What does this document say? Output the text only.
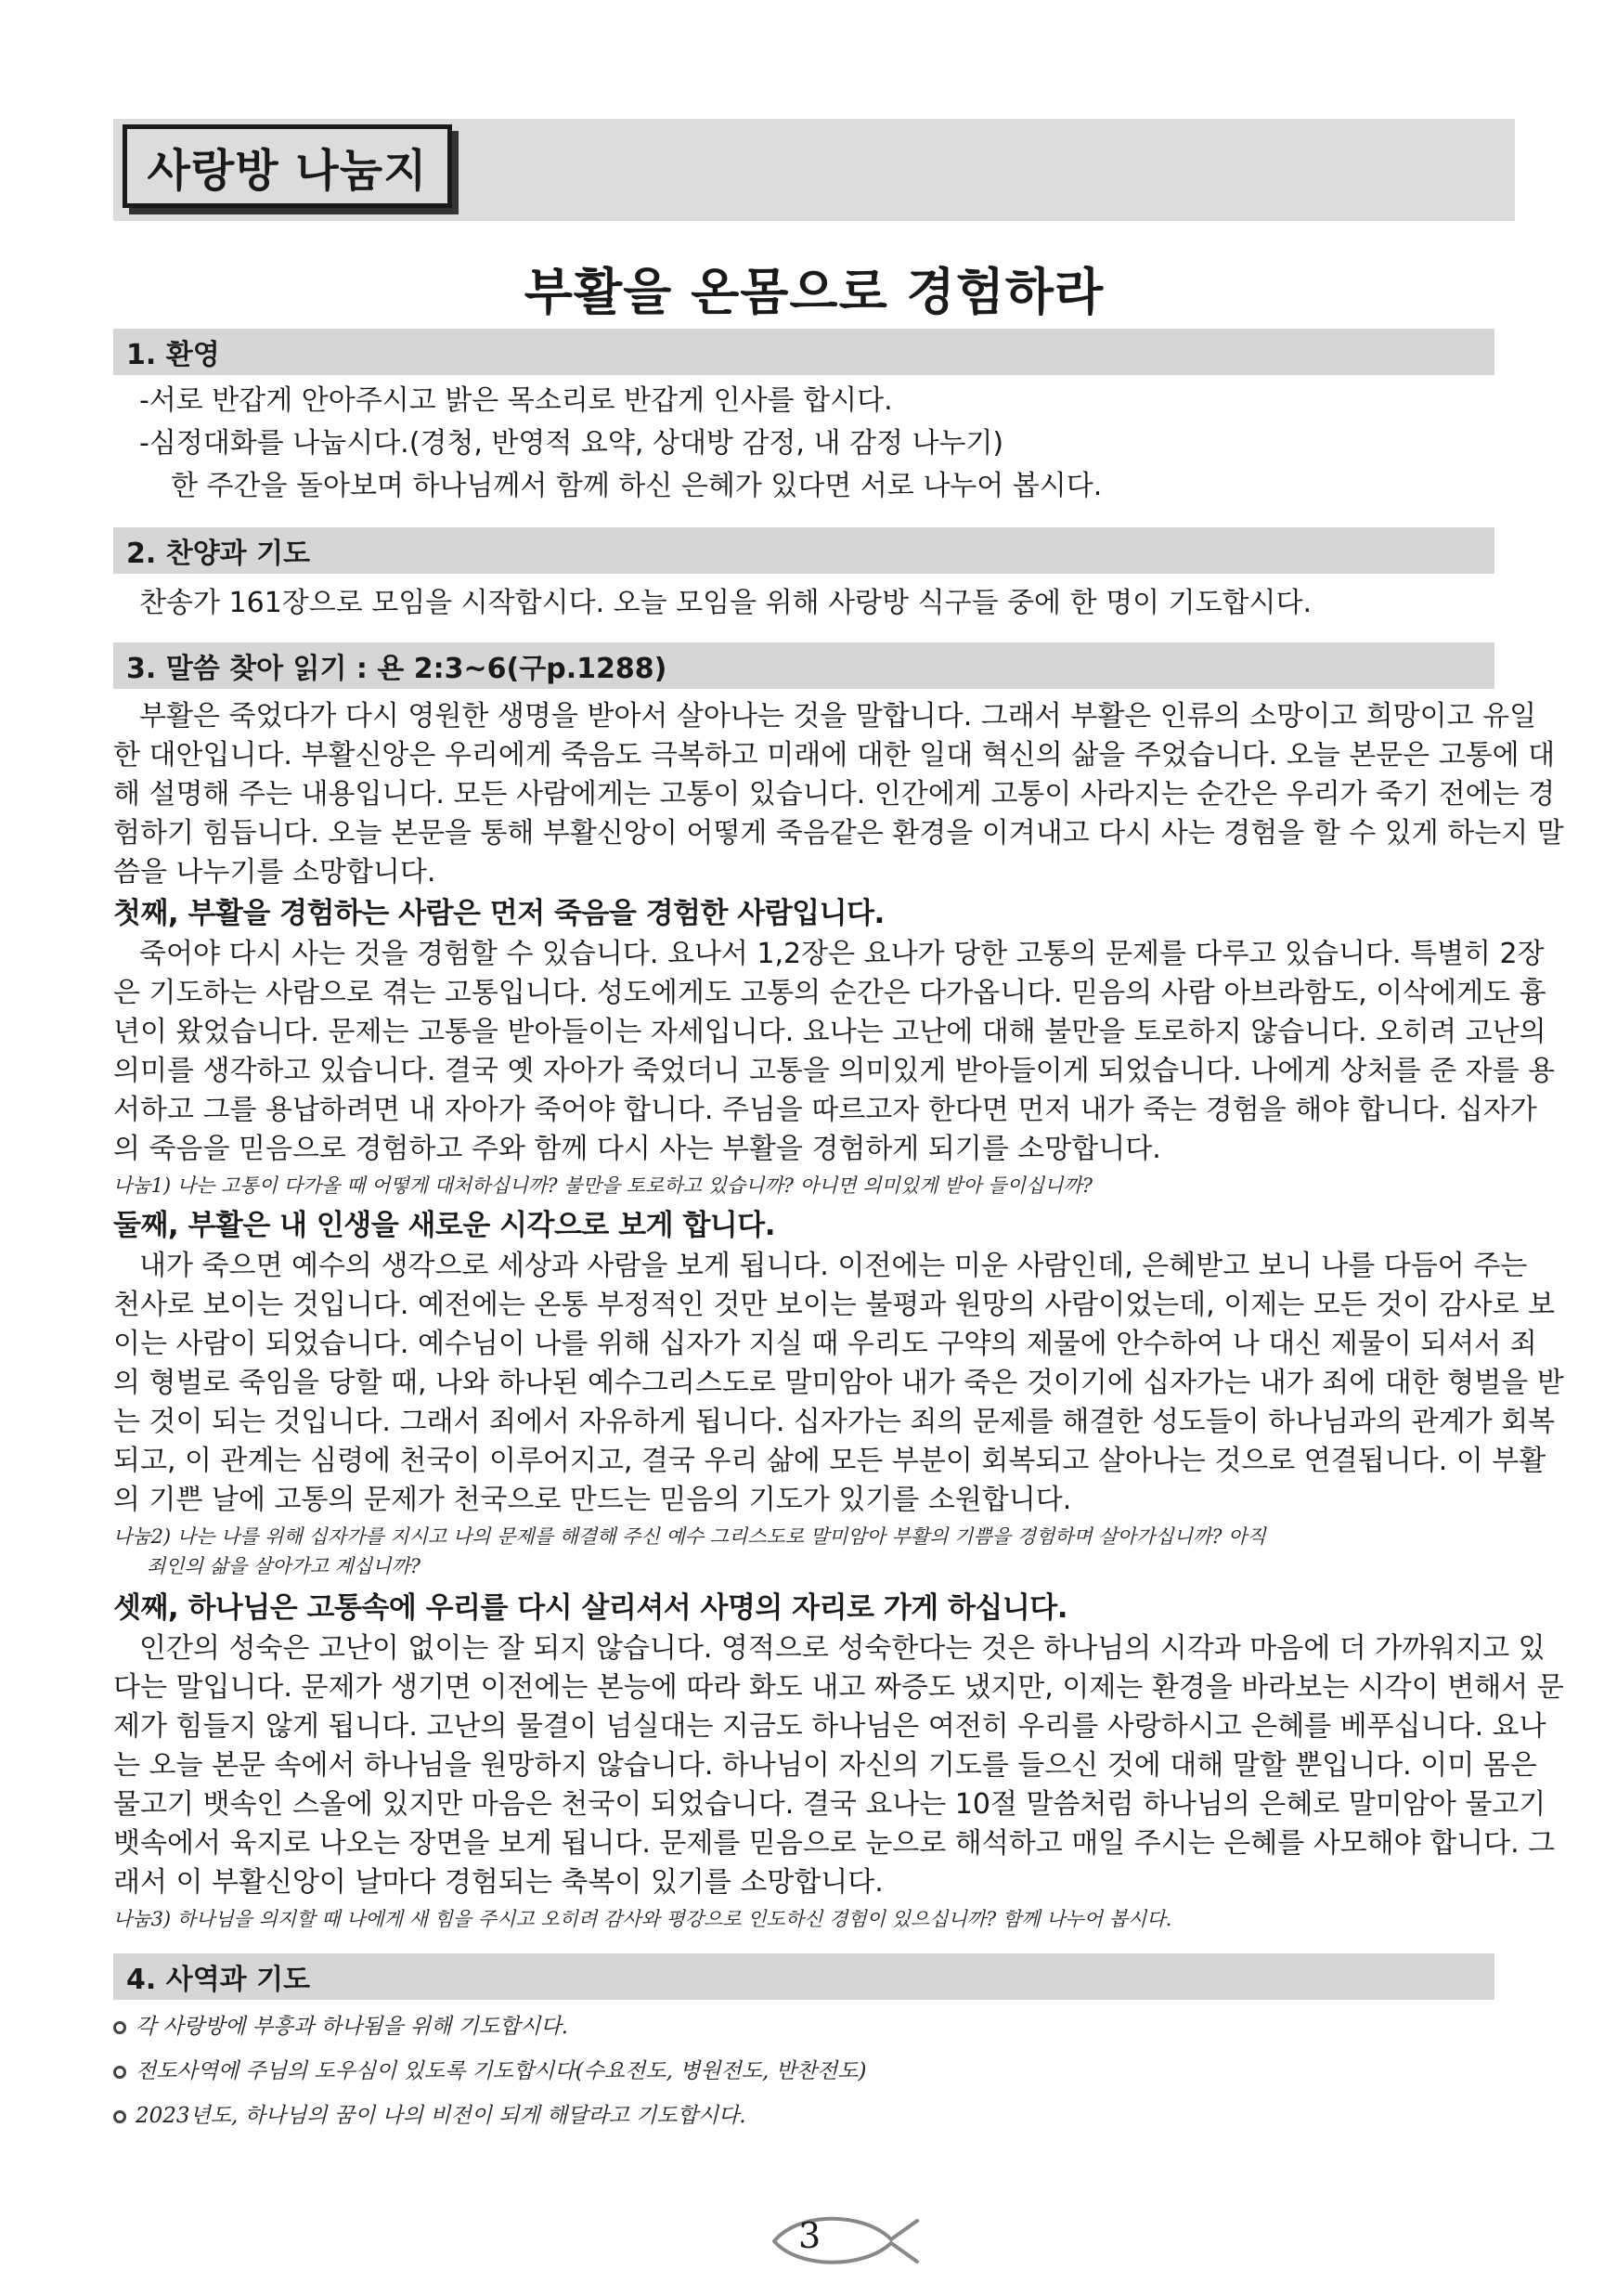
사랑방 나눔지
부활을 온몸으로 경험하라
1. 환영
-서로 반갑게 안아주시고 밝은 목소리로 반갑게 인사를 합시다.
-심정대화를 나눕시다.(경청, 반영적 요약, 상대방 감정, 내 감정 나누기)
한 주간을 돌아보며 하나님께서 함께 하신 은혜가 있다면 서로 나누어 봅시다.
2. 찬양과 기도
찬송가 161장으로 모임을 시작합시다. 오늘 모임을 위해 사랑방 식구들 중에 한 명이 기도합시다.
3. 말씀 찾아 읽기 : 욘 2:3~6(구p.1288)
부활은 죽었다가 다시 영원한 생명을 받아서 살아나는 것을 말합니다. 그래서 부활은 인류의 소망이고 희망이고 유일
한 대안입니다. 부활신앙은 우리에게 죽음도 극복하고 미래에 대한 일대 혁신의 삶을 주었습니다. 오늘 본문은 고통에 대
해 설명해 주는 내용입니다. 모든 사람에게는 고통이 있습니다. 인간에게 고통이 사라지는 순간은 우리가 죽기 전에는 경
험하기 힘듭니다. 오늘 본문을 통해 부활신앙이 어떻게 죽음같은 환경을 이겨내고 다시 사는 경험을 할 수 있게 하는지 말
씀을 나누기를 소망합니다.
첫째, 부활을 경험하는 사람은 먼저 죽음을 경험한 사람입니다.
죽어야 다시 사는 것을 경험할 수 있습니다. 요나서 1,2장은 요나가 당한 고통의 문제를 다루고 있습니다. 특별히 2장
은 기도하는 사람으로 겪는 고통입니다. 성도에게도 고통의 순간은 다가옵니다. 믿음의 사람 아브라함도, 이삭에게도 흉
년이 왔었습니다. 문제는 고통을 받아들이는 자세입니다. 요나는 고난에 대해 불만을 토로하지 않습니다. 오히려 고난의
의미를 생각하고 있습니다. 결국 옛 자아가 죽었더니 고통을 의미있게 받아들이게 되었습니다. 나에게 상처를 준 자를 용
서하고 그를 용납하려면 내 자아가 죽어야 합니다. 주님을 따르고자 한다면 먼저 내가 죽는 경험을 해야 합니다. 십자가
의 죽음을 믿음으로 경험하고 주와 함께 다시 사는 부활을 경험하게 되기를 소망합니다.
나눔1) 나는 고통이 다가올 때 어떻게 대처하십니까? 불만을 토로하고 있습니까? 아니면 의미있게 받아 들이십니까?
둘째, 부활은 내 인생을 새로운 시각으로 보게 합니다.
내가 죽으면 예수의 생각으로 세상과 사람을 보게 됩니다. 이전에는 미운 사람인데, 은혜받고 보니 나를 다듬어 주는
천사로 보이는 것입니다. 예전에는 온통 부정적인 것만 보이는 불평과 원망의 사람이었는데, 이제는 모든 것이 감사로 보
이는 사람이 되었습니다. 예수님이 나를 위해 십자가 지실 때 우리도 구약의 제물에 안수하여 나 대신 제물이 되셔서 죄
의 형벌로 죽임을 당할 때, 나와 하나된 예수그리스도로 말미암아 내가 죽은 것이기에 십자가는 내가 죄에 대한 형벌을 받
는 것이 되는 것입니다. 그래서 죄에서 자유하게 됩니다. 십자가는 죄의 문제를 해결한 성도들이 하나님과의 관계가 회복
되고, 이 관계는 심령에 천국이 이루어지고, 결국 우리 삶에 모든 부분이 회복되고 살아나는 것으로 연결됩니다. 이 부활
의 기쁜 날에 고통의 문제가 천국으로 만드는 믿음의 기도가 있기를 소원합니다.
나눔2) 나는 나를 위해 십자가를 지시고 나의 문제를 해결해 주신 예수 그리스도로 말미암아 부활의 기쁨을 경험하며 살아가십니까? 아직
죄인의 삶을 살아가고 계십니까?
셋째, 하나님은 고통속에 우리를 다시 살리셔서 사명의 자리로 가게 하십니다.
인간의 성숙은 고난이 없이는 잘 되지 않습니다. 영적으로 성숙한다는 것은 하나님의 시각과 마음에 더 가까워지고 있
다는 말입니다. 문제가 생기면 이전에는 본능에 따라 화도 내고 짜증도 냈지만, 이제는 환경을 바라보는 시각이 변해서 문
제가 힘들지 않게 됩니다. 고난의 물결이 넘실대는 지금도 하나님은 여전히 우리를 사랑하시고 은혜를 베푸십니다. 요나
는 오늘 본문 속에서 하나님을 원망하지 않습니다. 하나님이 자신의 기도를 들으신 것에 대해 말할 뿐입니다. 이미 몸은
물고기 뱃속인 스올에 있지만 마음은 천국이 되었습니다. 결국 요나는 10절 말씀처럼 하나님의 은혜로 말미암아 물고기
뱃속에서 육지로 나오는 장면을 보게 됩니다. 문제를 믿음으로 눈으로 해석하고 매일 주시는 은혜를 사모해야 합니다. 그
래서 이 부활신앙이 날마다 경험되는 축복이 있기를 소망합니다.
나눔3) 하나님을 의지할 때 나에게 새 힘을 주시고 오히려 감사와 평강으로 인도하신 경험이 있으십니까? 함께 나누어 봅시다.
4. 사역과 기도
각 사랑방에 부흥과 하나됨을 위해 기도합시다.
전도사역에 주님의 도우심이 있도록 기도합시다(수요전도, 병원전도, 반찬전도)
2023년도, 하나님의 꿈이 나의 비전이 되게 해달라고 기도합시다.
3
